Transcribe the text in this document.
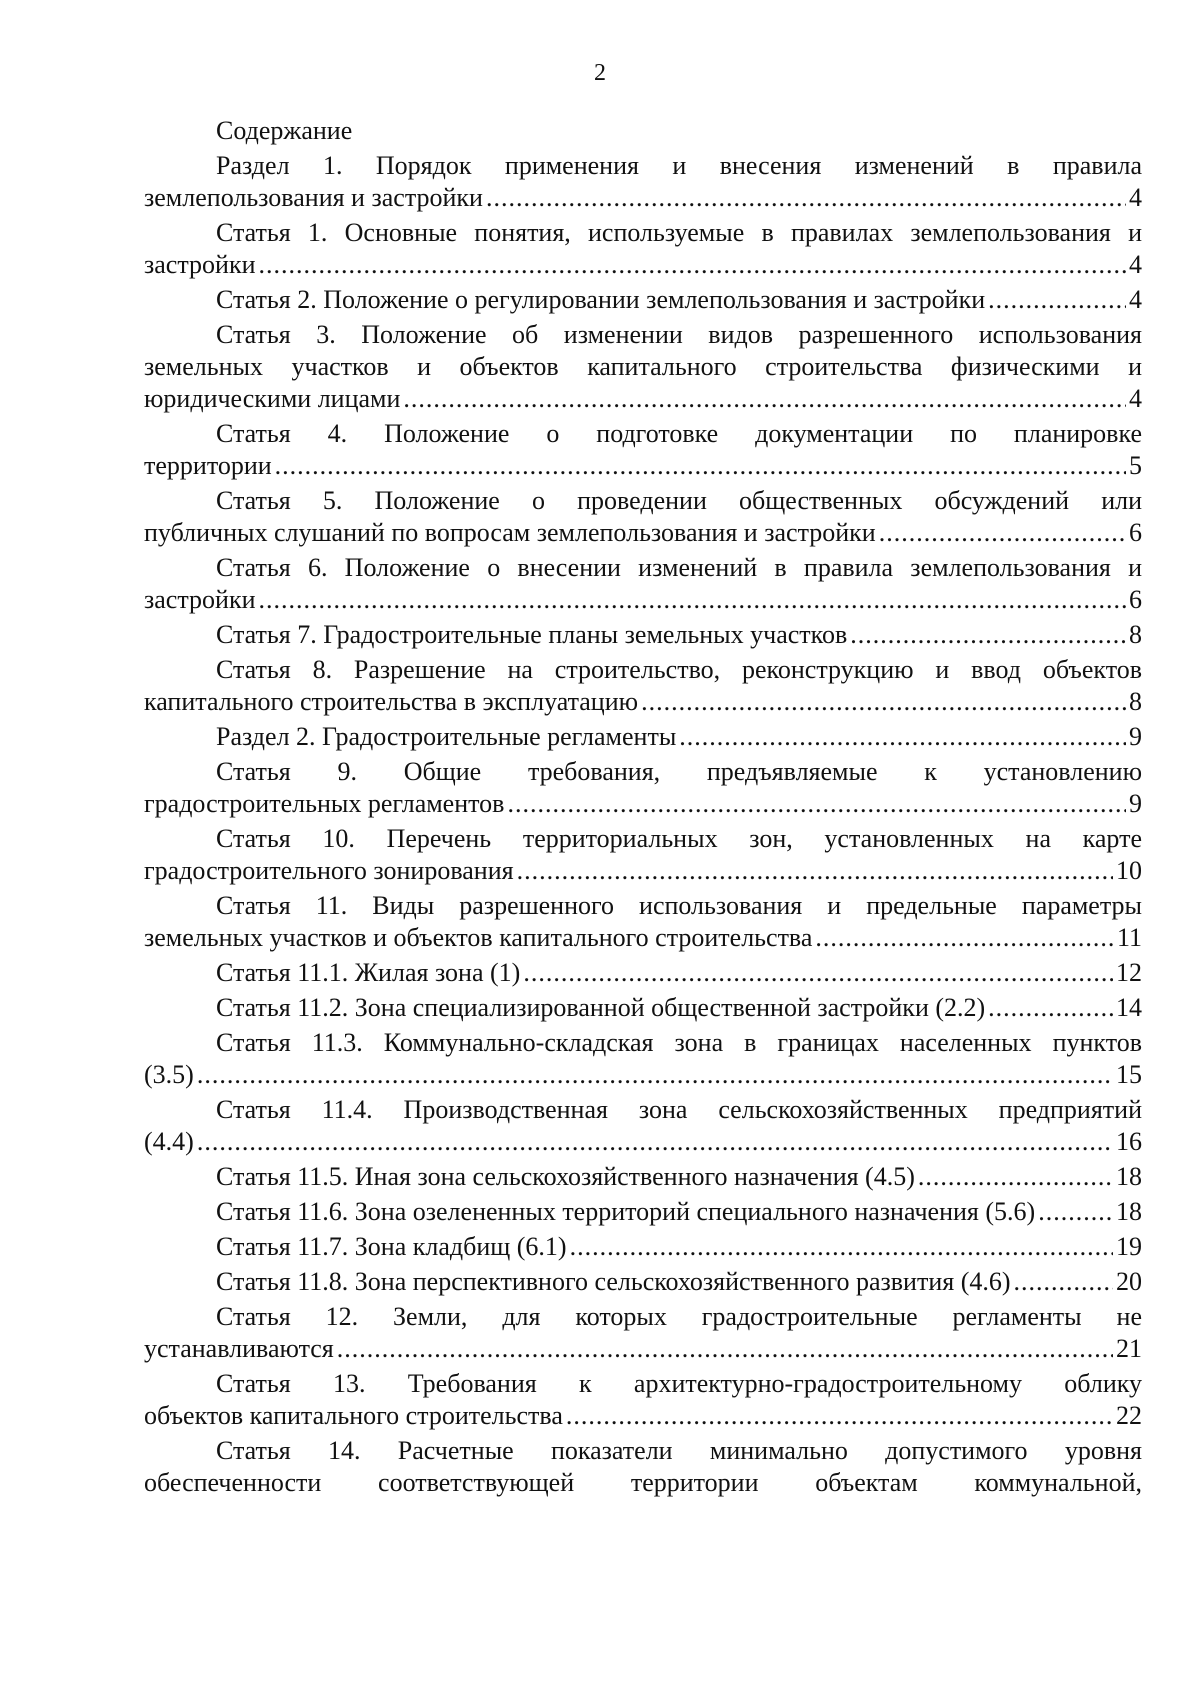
2
Содержание
Раздел 1. Порядок применения и внесения изменений в правила
землепользования и застройки .....	4
Статья 1. Основные понятия, используемые в правилах землепользования и
застройки .....	4
Статья 2. Положение о регулировании землепользования и застройки .....	4
Статья 3. Положение об изменении видов разрешенного использования
земельных участков и объектов капитального строительства физическими и
юридическими лицами .....	4
Статья 4. Положение о подготовке документации по планировке
территории .....	5
Статья 5. Положение о проведении общественных обсуждений или
публичных слушаний по вопросам землепользования и застройки .....	6
Статья 6. Положение о внесении изменений в правила землепользования и
застройки .....	6
Статья 7. Градостроительные планы земельных участков .....	8
Статья 8. Разрешение на строительство, реконструкцию и ввод объектов
капитального строительства в эксплуатацию .....	8
Раздел 2. Градостроительные регламенты .....	9
Статья 9. Общие требования, предъявляемые к установлению
градостроительных регламентов .....	9
Статья 10. Перечень территориальных зон, установленных на карте
градостроительного зонирования .....	10
Статья 11. Виды разрешенного использования и предельные параметры
земельных участков и объектов капитального строительства .....	11
Статья 11.1. Жилая зона (1) .....	12
Статья 11.2. Зона специализированной общественной застройки (2.2) .....	14
Статья 11.3. Коммунально-складская зона в границах населенных пунктов
(3.5) .....	15
Статья 11.4. Производственная зона сельскохозяйственных предприятий
(4.4) .....	16
Статья 11.5. Иная зона сельскохозяйственного назначения (4.5) .....	18
Статья 11.6. Зона озелененных территорий специального назначения (5.6) .....	18
Статья 11.7. Зона кладбищ (6.1) .....	19
Статья 11.8. Зона перспективного сельскохозяйственного развития (4.6) .....	20
Статья 12. Земли, для которых градостроительные регламенты не
устанавливаются .....	21
Статья 13. Требования к архитектурно-градостроительному облику
объектов капитального строительства .....	22
Статья 14. Расчетные показатели минимально допустимого уровня
обеспеченности соответствующей территории объектам коммунальной,
